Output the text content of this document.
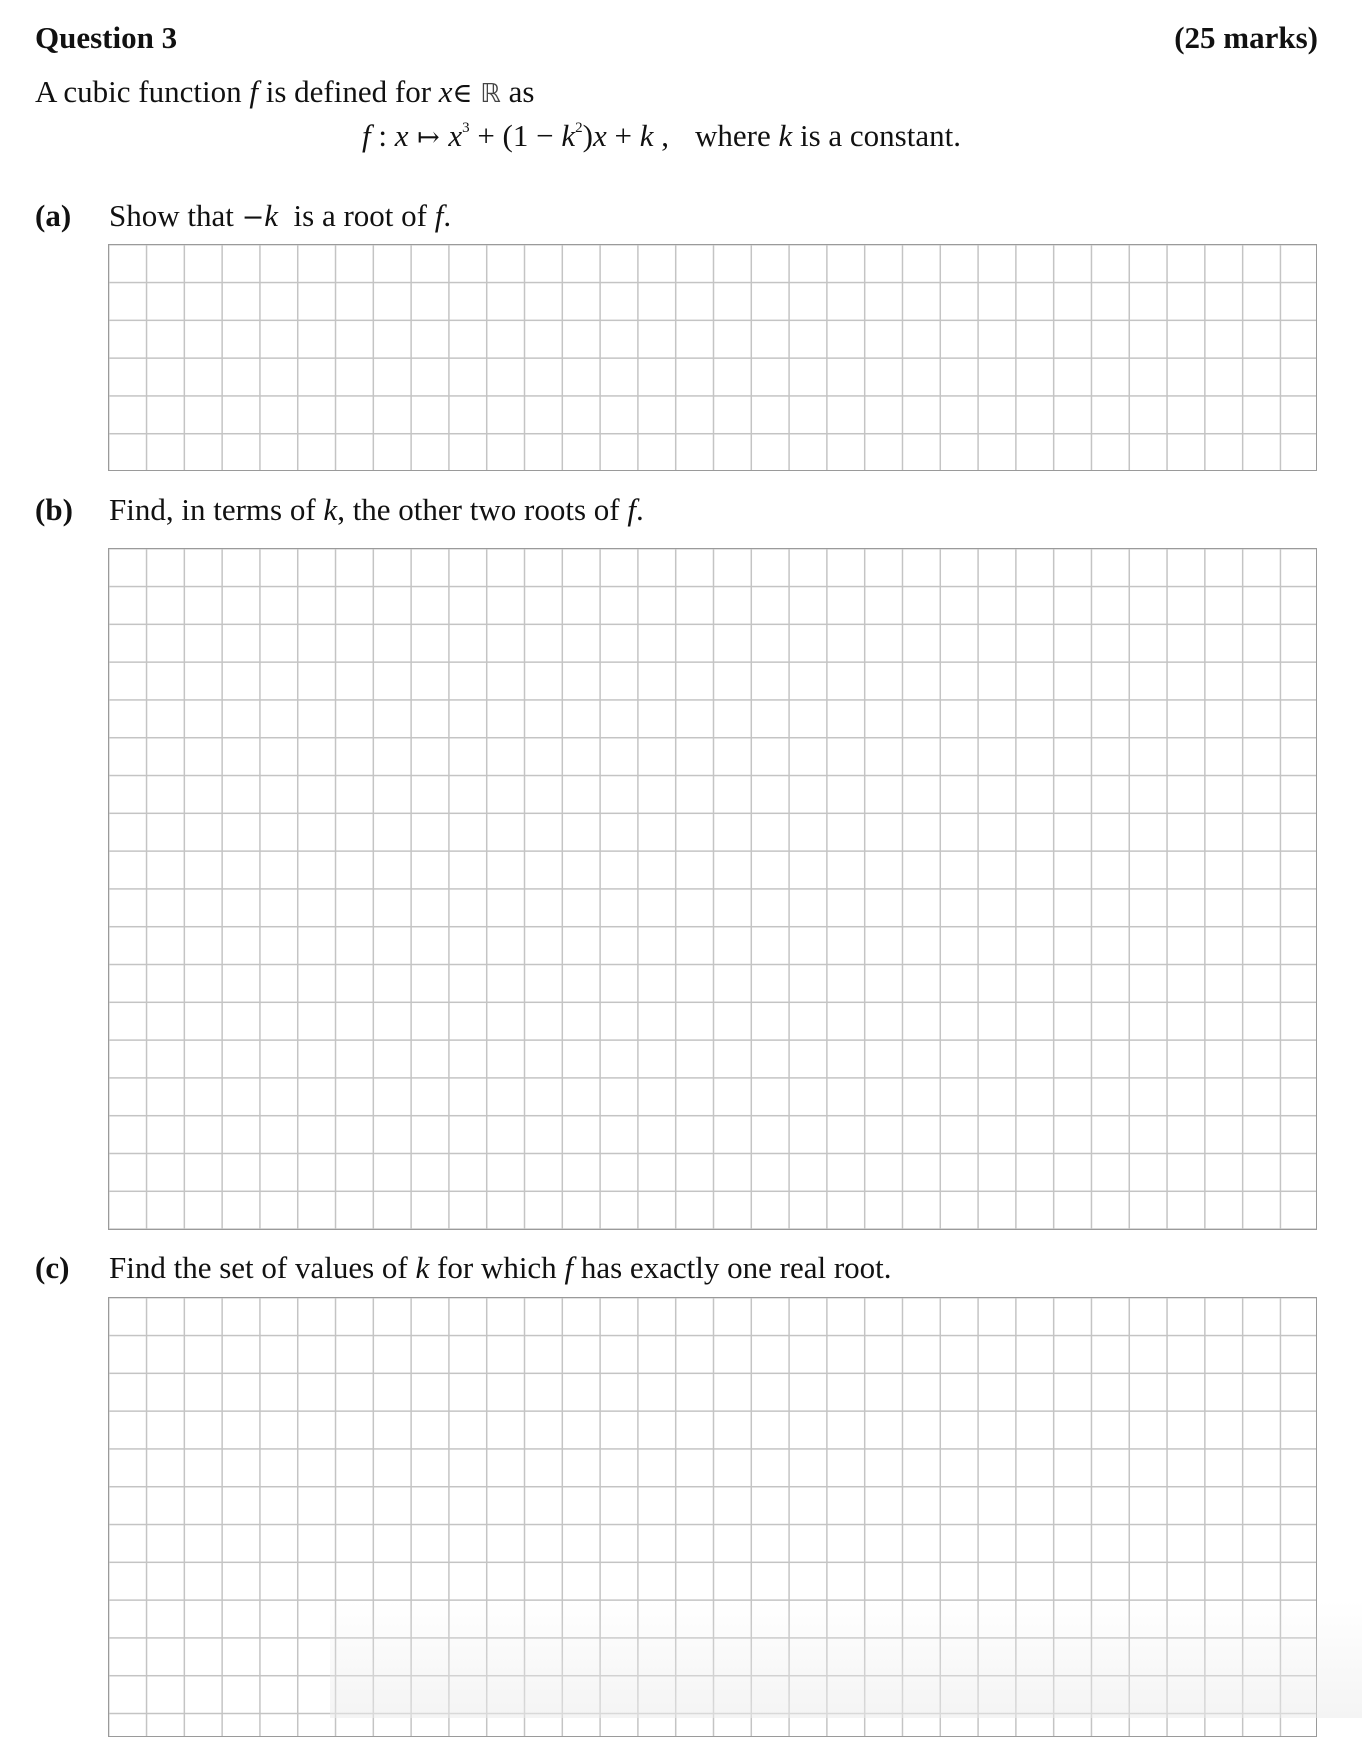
Question 3	(25 marks)
A cubic function f is defined for x∈ ℝ as
f : x ↦ $x^3 + (1 - k^2)x + k$ , where k is a constant.
(a) Show that −k  is a root of f.
(b) Find, in terms of k, the other two roots of f.
(c) Find the set of values of k for which f has exactly one real root.
